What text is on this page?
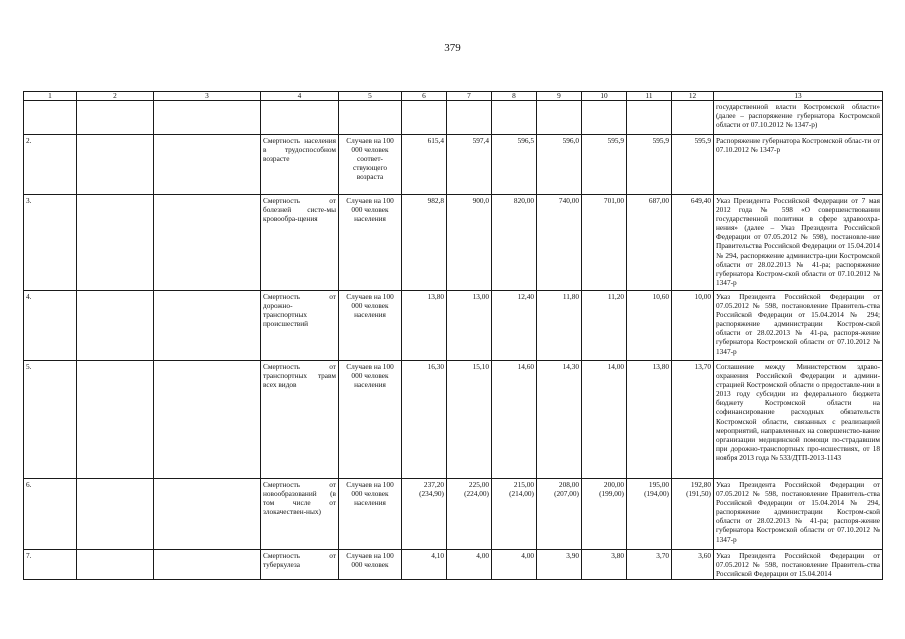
379
1	2	3	4	5	6	7	8	9	10	11	12	13
												государственной власти Костромской области» (далее – распоряжение губернатора Костромской области от 07.10.2012 № 1347-р)
2.			Смертность населения в трудоспособном возрасте	Случаев на 100 000 человек соответ-ствующего возраста	615,4	597,4	596,5	596,0	595,9	595,9	595,9	Распоряжение губернатора Костромской облас-ти от 07.10.2012 № 1347-р
3.			Смертность от болезней систе-мы кровообра-щения	Случаев на 100 000 человек населения	982,8	900,0	820,00	740,00	701,00	687,00	649,40	Указ Президента Российской Федерации от 7 мая 2012 года № 598 «О совершенствовании государственной политики в сфере здравоохра-нения» (далее – Указ Президента Российской Федерации от 07.05.2012 № 598), постановле-ние Правительства Российской Федерации от 15.04.2014 № 294, распоряжение администра-ции Костромской области от 28.02.2013 № 41-ра; распоряжение губернатора Костром-ской области от 07.10.2012 № 1347-р
4.			Смертность от дорожно-транспортных происшествий	Случаев на 100 000 человек населения	13,80	13,00	12,40	11,80	11,20	10,60	10,00	Указ Президента Российской Федерации от 07.05.2012 № 598, постановление Правитель-ства Российской Федерации от 15.04.2014 № 294; распоряжение администрации Костром-ской области от 28.02.2013 № 41-ра, распоря-жение губернатора Костромской области от 07.10.2012 № 1347-р
5.			Смертность от транспортных травм всех видов	Случаев на 100 000 человек населения	16,30	15,10	14,60	14,30	14,00	13,80	13,70	Соглашение между Министерством здраво-охранения Российской Федерации и админи-страцией Костромской области о предоставле-нии в 2013 году субсидии из федерального бюджета бюджету Костромской области на софинансирование расходных обязательств Костромской области, связанных с реализацией мероприятий, направленных на совершенство-вание организации медицинской помощи по-страдавшим при дорожно-транспортных про-исшествиях, от 18 ноября 2013 года № 533/ДТП-2013-1143
6.			Смертность от новообразований (в том числе от злокачествен-ных)	Случаев на 100 000 человек населения	237,20
(234,90)	225,00
(224,00)	215,00
(214,00)	208,00
(207,00)	200,00
(199,00)	195,00
(194,00)	192,80
(191,50)	Указ Президента Российской Федерации от 07.05.2012 № 598, постановление Правитель-ства Российской Федерации от 15.04.2014 № 294, распоряжение администрации Костром-ской области от 28.02.2013 № 41-ра; распоря-жение губернатора Костромской области от 07.10.2012 № 1347-р
7.			Смертность от туберкулеза	Случаев на 100 000 человек	4,10	4,00	4,00	3,90	3,80	3,70	3,60	Указ Президента Российской Федерации от 07.05.2012 № 598, постановление Правитель-ства Российской Федерации от 15.04.2014
